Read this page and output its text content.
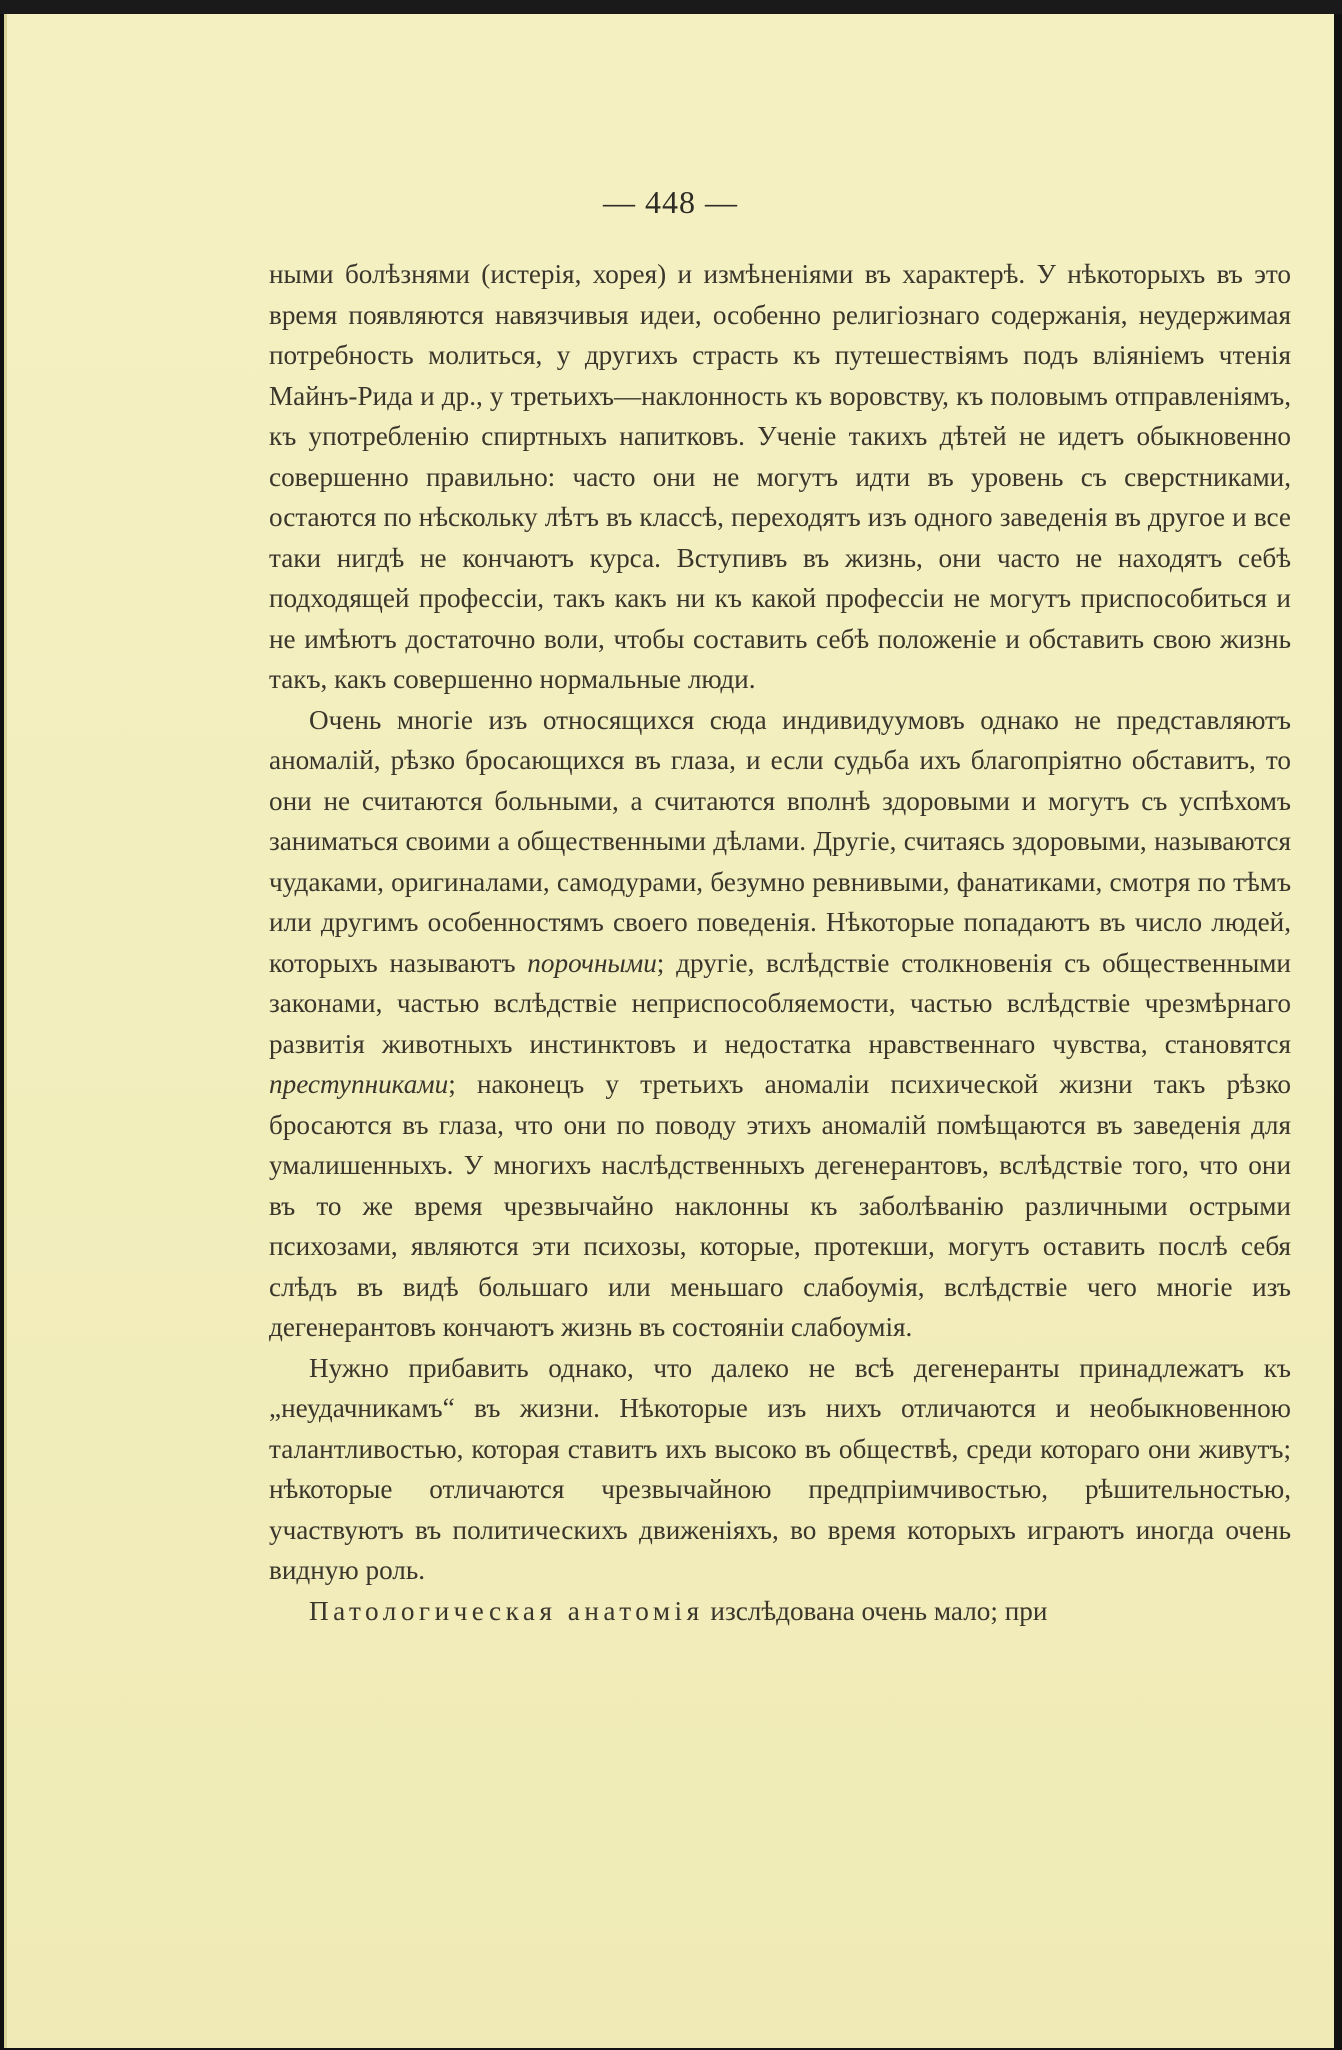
— 448 —

ными болѣзнями (истерія, хорея) и измѣненіями въ характерѣ. У нѣкоторыхъ въ это время появляются навязчивыя идеи, особенно религіознаго содержанія, неудержимая потребность молиться, у другихъ страсть къ путешествіямъ подъ вліяніемъ чтенія Майнъ-Рида и др., у третьихъ—наклонность къ воровству, къ половымъ отправленіямъ, къ употребленію спиртныхъ напитковъ. Ученіе такихъ дѣтей не идетъ обыкновенно совершенно правильно: часто они не могутъ идти въ уровень съ сверстниками, остаются по нѣскольку лѣтъ въ классѣ, переходятъ изъ одного заведенія въ другое и все таки нигдѣ не кончаютъ курса. Вступивъ въ жизнь, они часто не находятъ себѣ подходящей профессіи, такъ какъ ни къ какой профессіи не могутъ приспособиться и не имѣютъ достаточно воли, чтобы составить себѣ положеніе и обставить свою жизнь такъ, какъ совершенно нормальные люди.

Очень многіе изъ относящихся сюда индивидуумовъ однако не представляютъ аномалій, рѣзко бросающихся въ глаза, и если судьба ихъ благопріятно обставитъ, то они не считаются больными, а считаются вполнѣ здоровыми и могутъ съ успѣхомъ заниматься своими а общественными дѣлами. Другіе, считаясь здоровыми, называются чудаками, оригиналами, самодурами, безумно ревнивыми, фанатиками, смотря по тѣмъ или другимъ особенностямъ своего поведенія. Нѣкоторые попадаютъ въ число людей, которыхъ называютъ порочными; другіе, вслѣдствіе столкновенія съ общественными законами, частью вслѣдствіе неприспособляемости, частью вслѣдствіе чрезмѣрнаго развитія животныхъ инстинктовъ и недостатка нравственнаго чувства, становятся преступниками; наконецъ у третьихъ аномаліи психической жизни такъ рѣзко бросаются въ глаза, что они по поводу этихъ аномалій помѣщаются въ заведенія для умалишенныхъ. У многихъ наслѣдственныхъ дегенерантовъ, вслѣдствіе того, что они въ то же время чрезвычайно наклонны къ заболѣванію различными острыми психозами, являются эти психозы, которые, протекши, могутъ оставить послѣ себя слѣдъ въ видѣ большаго или меньшаго слабоумія, вслѣдствіе чего многіе изъ дегенерантовъ кончаютъ жизнь въ состояніи слабоумія.

Нужно прибавить однако, что далеко не всѣ дегенеранты принадлежатъ къ „неудачникамъ“ въ жизни. Нѣкоторые изъ нихъ отличаются и необыкновенною талантливостью, которая ставитъ ихъ высоко въ обществѣ, среди котораго они живутъ; нѣкоторые отличаются чрезвычайною предпріимчивостью, рѣшительностью, участвуютъ въ политическихъ движеніяхъ, во время которыхъ играютъ иногда очень видную роль.

Патологическая анатомія изслѣдована очень мало; при
